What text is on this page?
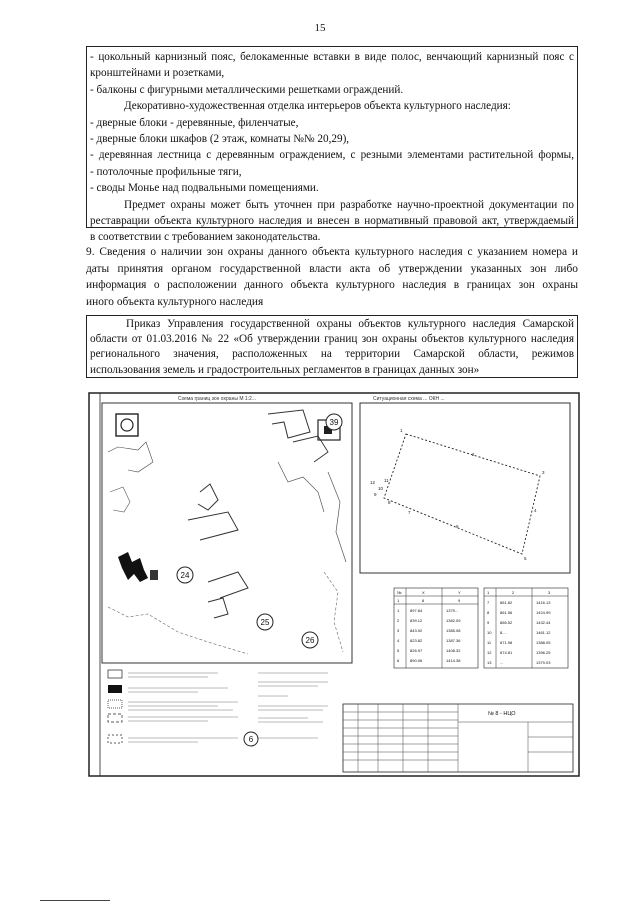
15
- цокольный карнизный пояс, белокаменные вставки в виде полос, венчающий карнизный пояс с
кронштейнами и розетками,
- балконы с фигурными металлическими решетками ограждений.
Декоративно-художественная отделка интерьеров объекта культурного наследия:
- дверные блоки - деревянные, филенчатые,
- дверные блоки шкафов (2 этаж, комнаты №№ 20,29),
- деревянная лестница с деревянным ограждением, с резными элементами растительной формы,
- потолочные профильные тяги,
- своды Монье над подвальными помещениями.
Предмет охраны может быть уточнен при разработке научно-проектной документации по
реставрации объекта культурного наследия и внесен в нормативный правовой акт, утверждаемый
в соответствии с требованием законодательства.
9. Сведения о наличии зон охраны данного объекта культурного наследия с указанием номера и
даты принятия органом государственной власти акта об утверждении указанных зон либо
информация о расположении данного объекта культурного наследия в границах зон охраны
иного объекта культурного наследия
Приказ Управления государственной охраны объектов культурного наследия Самарской
области от 01.03.2016 № 22 «Об утверждении границ зон охраны объектов культурного наследия
регионального значения, расположенных на территории Самарской области, режимов
использования земель и градостроительных регламентов в границах данных зон»
Схема границ зон охраны М 1:2...
39
24
25
26
Ситуационная схема ... ОКН ...
1
2
3
4
5
6
7
8
9
10
11
12
№	X	Y
1	8	9
1	897.84	1379...
2	839.12	1382.09
3	843.92	1385.08
4	823.82	1387.36
5	826.97	1408.32
6	890.06	1414.38
1	2	3
7	851.82	1416.13
8	861.56	1424.99
9	866.52	1432.44
10 8....	1461.12
11 871.98	1388.05
12 874.81	1396.25
13 ...	1379.03
6
№ 8 - НЦО
